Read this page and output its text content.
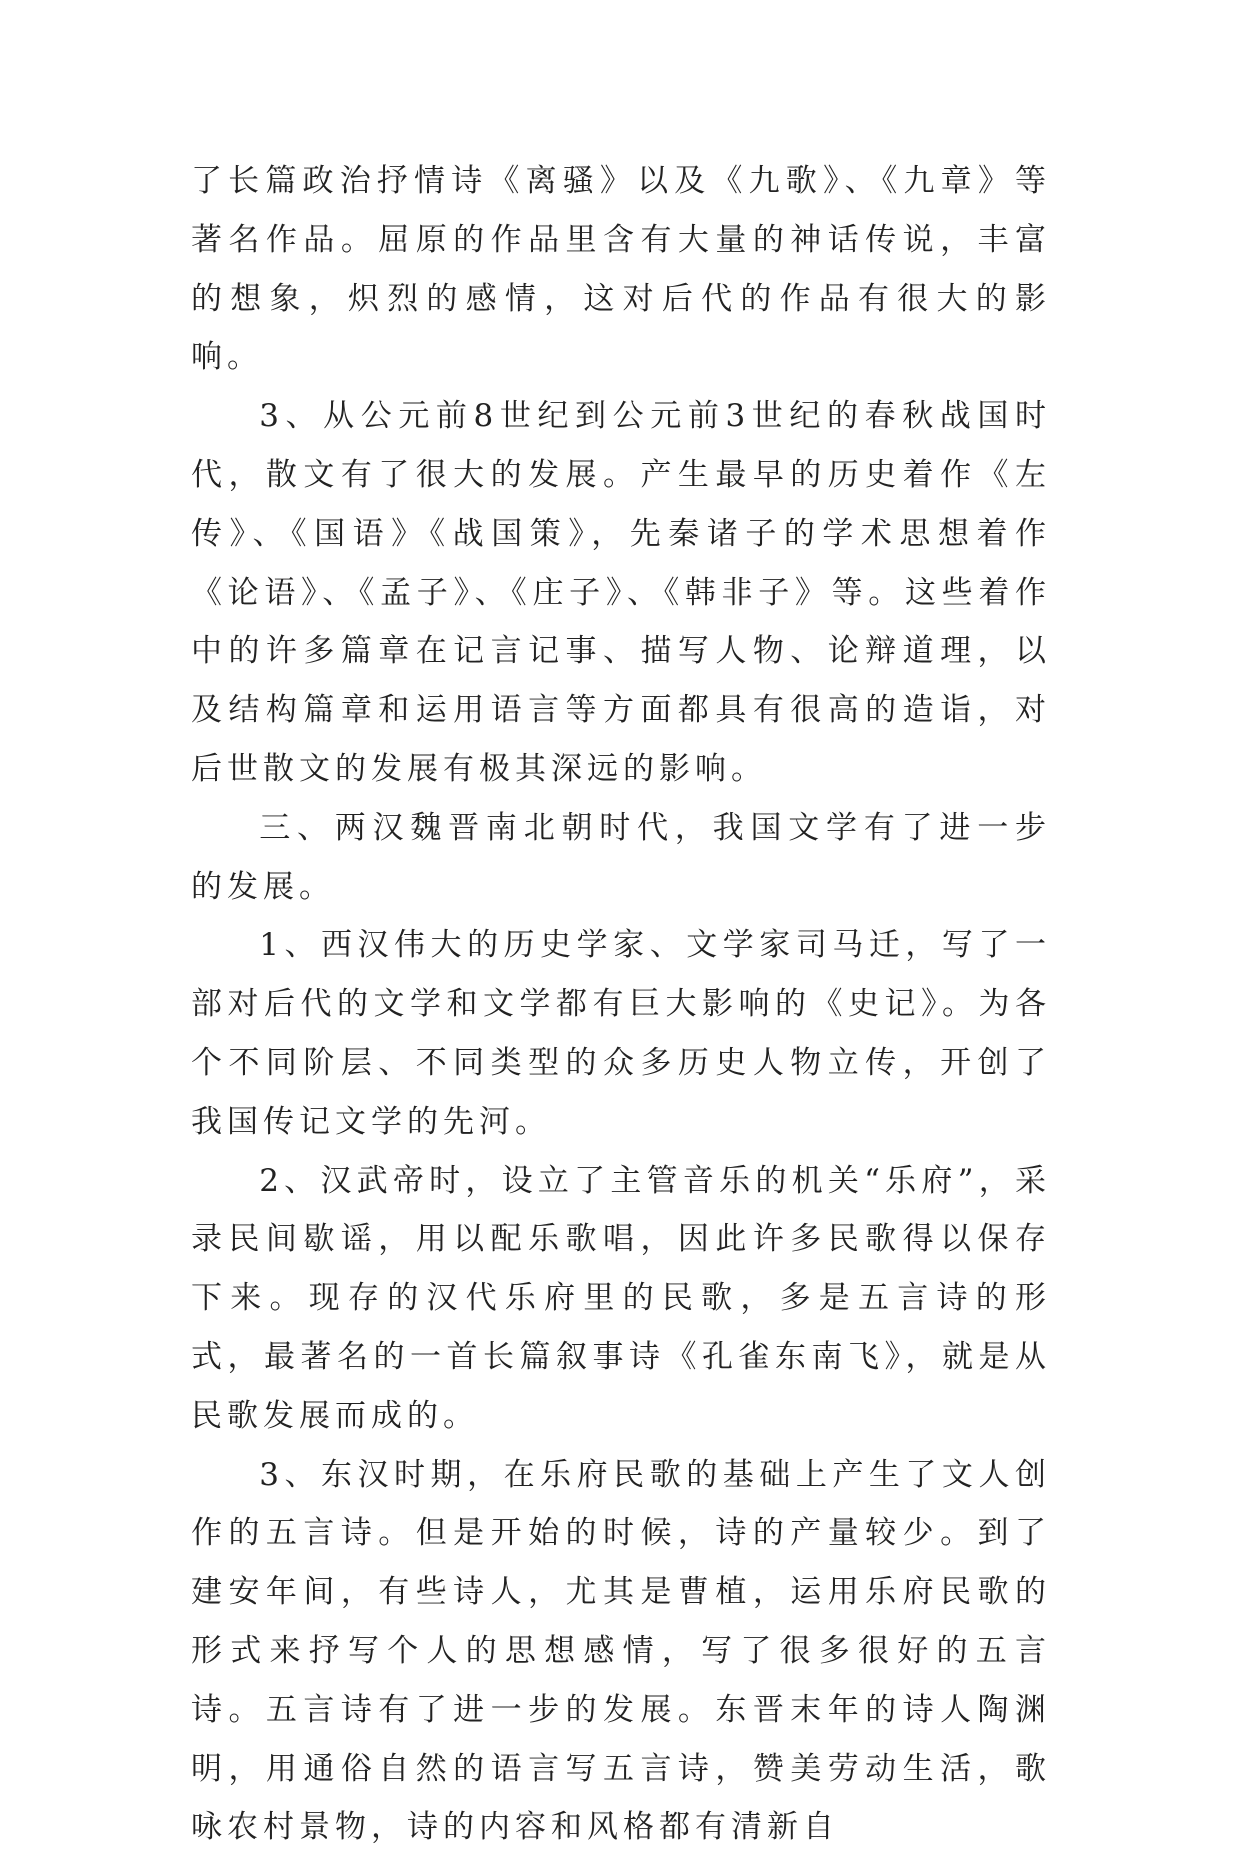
了长篇政治抒情诗《离骚》以及《九歌》、《九章》等著名作品。屈原的作品里含有大量的神话传说，丰富的想象，炽烈的感情，这对后代的作品有很大的影响。

3、从公元前8世纪到公元前3世纪的春秋战国时代，散文有了很大的发展。产生最早的历史着作《左传》、《国语》《战国策》，先秦诸子的学术思想着作《论语》、《孟子》、《庄子》、《韩非子》等。这些着作中的许多篇章在记言记事、描写人物、论辩道理，以及结构篇章和运用语言等方面都具有很高的造诣，对后世散文的发展有极其深远的影响。

三、两汉魏晋南北朝时代，我国文学有了进一步的发展。

1、西汉伟大的历史学家、文学家司马迁，写了一部对后代的文学和文学都有巨大影响的《史记》。为各个不同阶层、不同类型的众多历史人物立传，开创了我国传记文学的先河。

2、汉武帝时，设立了主管音乐的机关“乐府”，采录民间歇谣，用以配乐歌唱，因此许多民歌得以保存下来。现存的汉代乐府里的民歌，多是五言诗的形式，最著名的一首长篇叙事诗《孔雀东南飞》，就是从民歌发展而成的。

3、东汉时期，在乐府民歌的基础上产生了文人创作的五言诗。但是开始的时候，诗的产量较少。到了建安年间，有些诗人，尤其是曹植，运用乐府民歌的形式来抒写个人的思想感情，写了很多很好的五言诗。五言诗有了进一步的发展。东晋末年的诗人陶渊明，用通俗自然的语言写五言诗，赞美劳动生活，歌咏农村景物，诗的内容和风格都有清新自
